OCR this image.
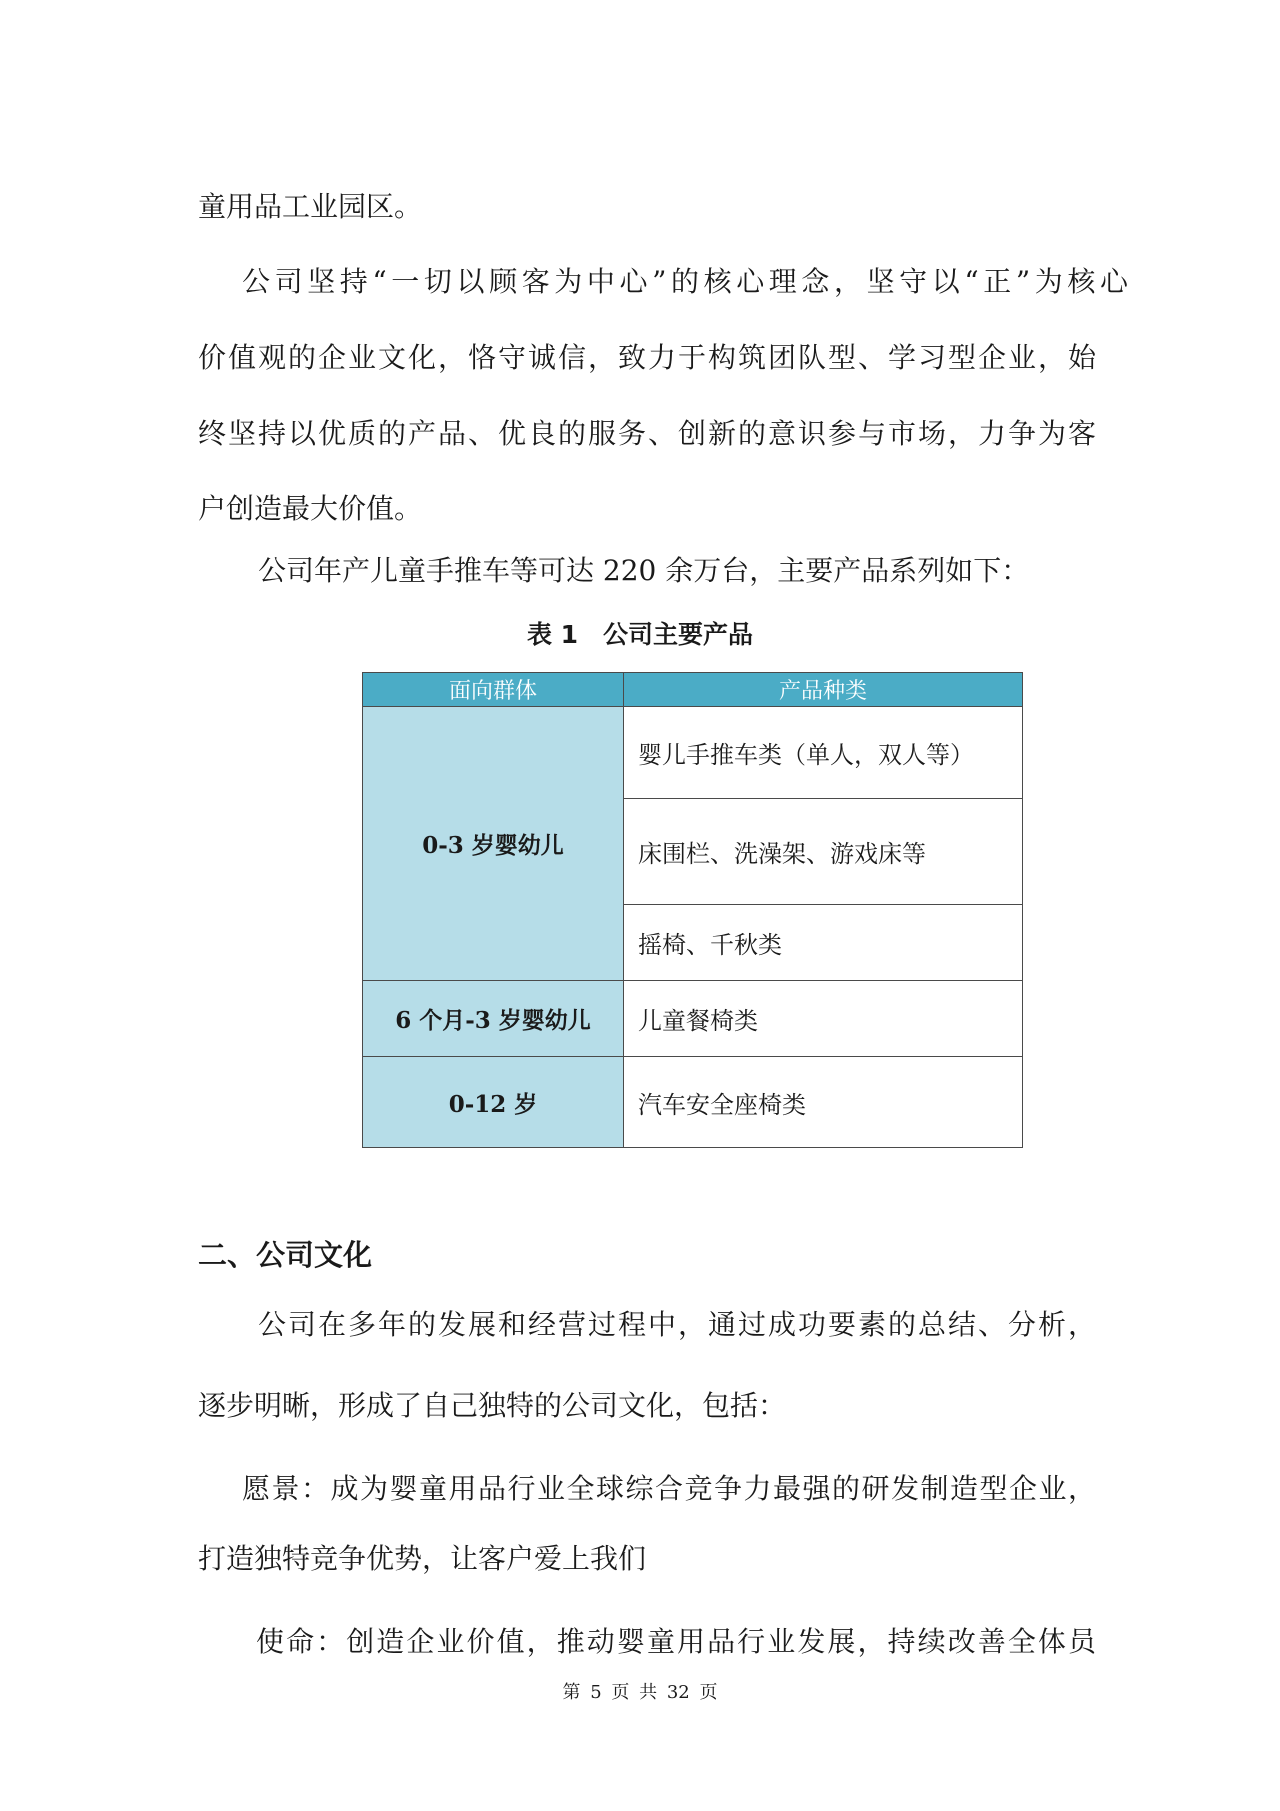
童用品工业园区。
公司坚持“一切以顾客为中心”的核心理念，坚守以“正”为核心
价值观的企业文化，恪守诚信，致力于构筑团队型、学习型企业，始
终坚持以优质的产品、优良的服务、创新的意识参与市场，力争为客
户创造最大价值。
公司年产儿童手推车等可达 220 余万台，主要产品系列如下：
表 1　公司主要产品
面向群体	产品种类
0-3 岁婴幼儿	婴儿手推车类（单人，双人等）
	床围栏、洗澡架、游戏床等
	摇椅、千秋类
6 个月-3 岁婴幼儿	儿童餐椅类
0-12 岁	汽车安全座椅类
二、公司文化
公司在多年的发展和经营过程中，通过成功要素的总结、分析，
逐步明晰，形成了自己独特的公司文化，包括：
愿景：成为婴童用品行业全球综合竞争力最强的研发制造型企业，
打造独特竞争优势，让客户爱上我们
使命：创造企业价值，推动婴童用品行业发展，持续改善全体员
第 5 页 共 32 页
